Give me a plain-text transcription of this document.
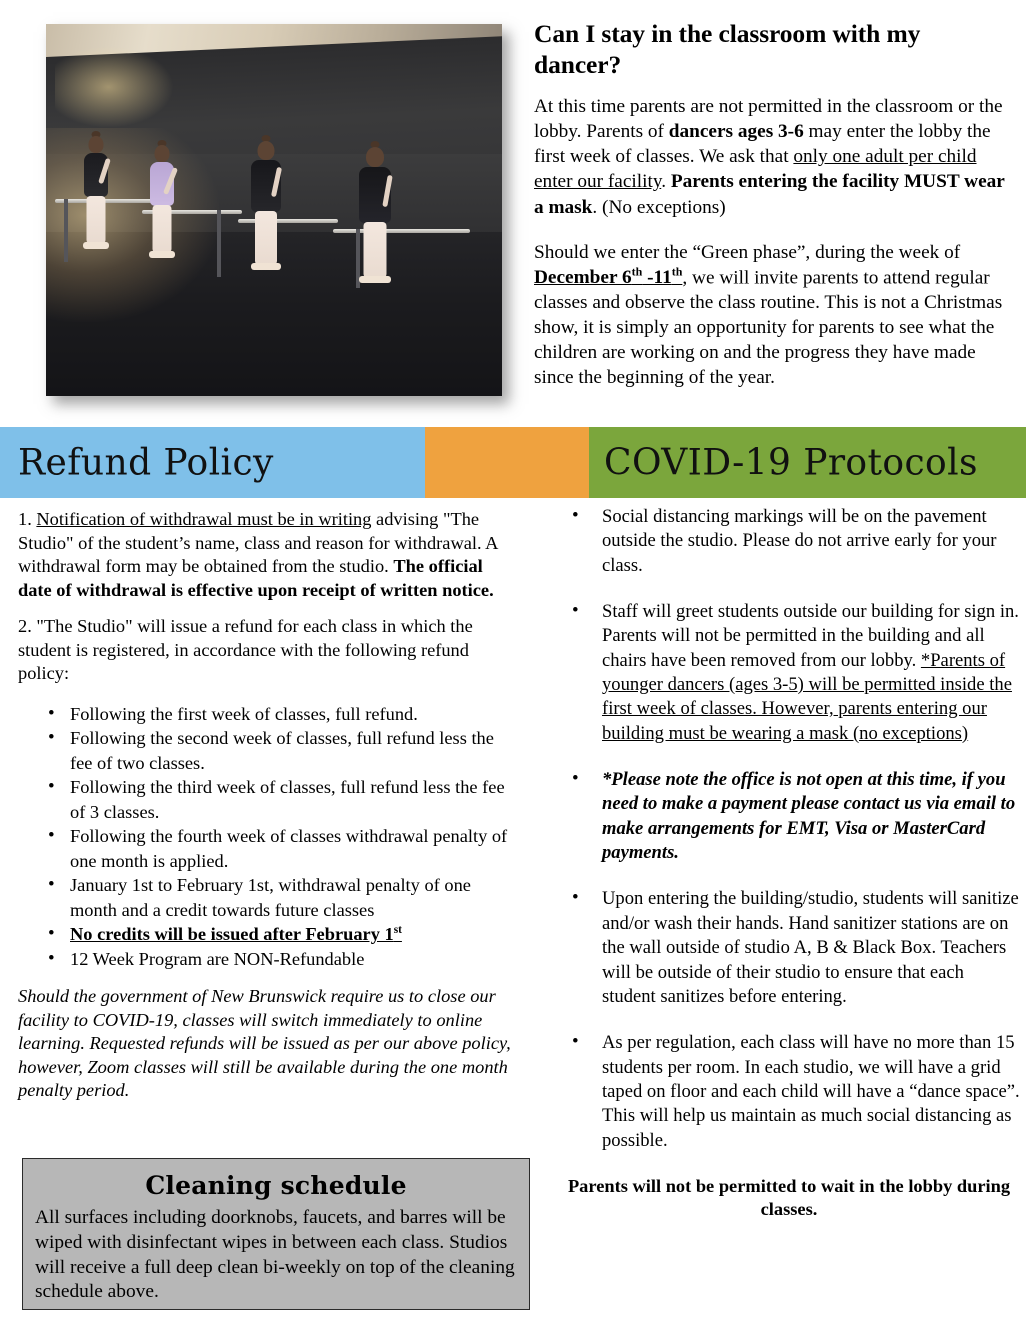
Can I stay in the classroom with my dancer?

At this time parents are not permitted in the classroom or the lobby. Parents of dancers ages 3-6 may enter the lobby the first week of classes. We ask that only one adult per child enter our facility. Parents entering the facility MUST wear a mask. (No exceptions)

Should we enter the “Green phase”, during the week of December 6th -11th, we will invite parents to attend regular classes and observe the class routine. This is not a Christmas show, it is simply an opportunity for parents to see what the children are working on and the progress they have made since the beginning of the year.

Refund Policy	COVID-19 Protocols

1. Notification of withdrawal must be in writing advising "The Studio" of the student’s name, class and reason for withdrawal. A withdrawal form may be obtained from the studio. The official date of withdrawal is effective upon receipt of written notice.

2. "The Studio" will issue a refund for each class in which the student is registered, in accordance with the following refund policy:

• Following the first week of classes, full refund.
• Following the second week of classes, full refund less the fee of two classes.
• Following the third week of classes, full refund less the fee of 3 classes.
• Following the fourth week of classes withdrawal penalty of one month is applied.
• January 1st to February 1st, withdrawal penalty of one month and a credit towards future classes
• No credits will be issued after February 1st
• 12 Week Program are NON-Refundable

Should the government of New Brunswick require us to close our facility to COVID-19, classes will switch immediately to online learning. Requested refunds will be issued as per our above policy, however, Zoom classes will still be available during the one month penalty period.

Cleaning schedule
All surfaces including doorknobs, faucets, and barres will be wiped with disinfectant wipes in between each class. Studios will receive a full deep clean bi-weekly on top of the cleaning schedule above.
• Social distancing markings will be on the pavement outside the studio. Please do not arrive early for your class.
• Staff will greet students outside our building for sign in. Parents will not be permitted in the building and all chairs have been removed from our lobby. *Parents of younger dancers (ages 3-5) will be permitted inside the first week of classes. However, parents entering our building must be wearing a mask (no exceptions)
• *Please note the office is not open at this time, if you need to make a payment please contact us via email to make arrangements for EMT, Visa or MasterCard payments.
• Upon entering the building/studio, students will sanitize and/or wash their hands. Hand sanitizer stations are on the wall outside of studio A, B & Black Box. Teachers will be outside of their studio to ensure that each student sanitizes before entering.
• As per regulation, each class will have no more than 15 students per room. In each studio, we will have a grid taped on floor and each child will have a “dance space”. This will help us maintain as much social distancing as possible.

Parents will not be permitted to wait in the lobby during classes.
